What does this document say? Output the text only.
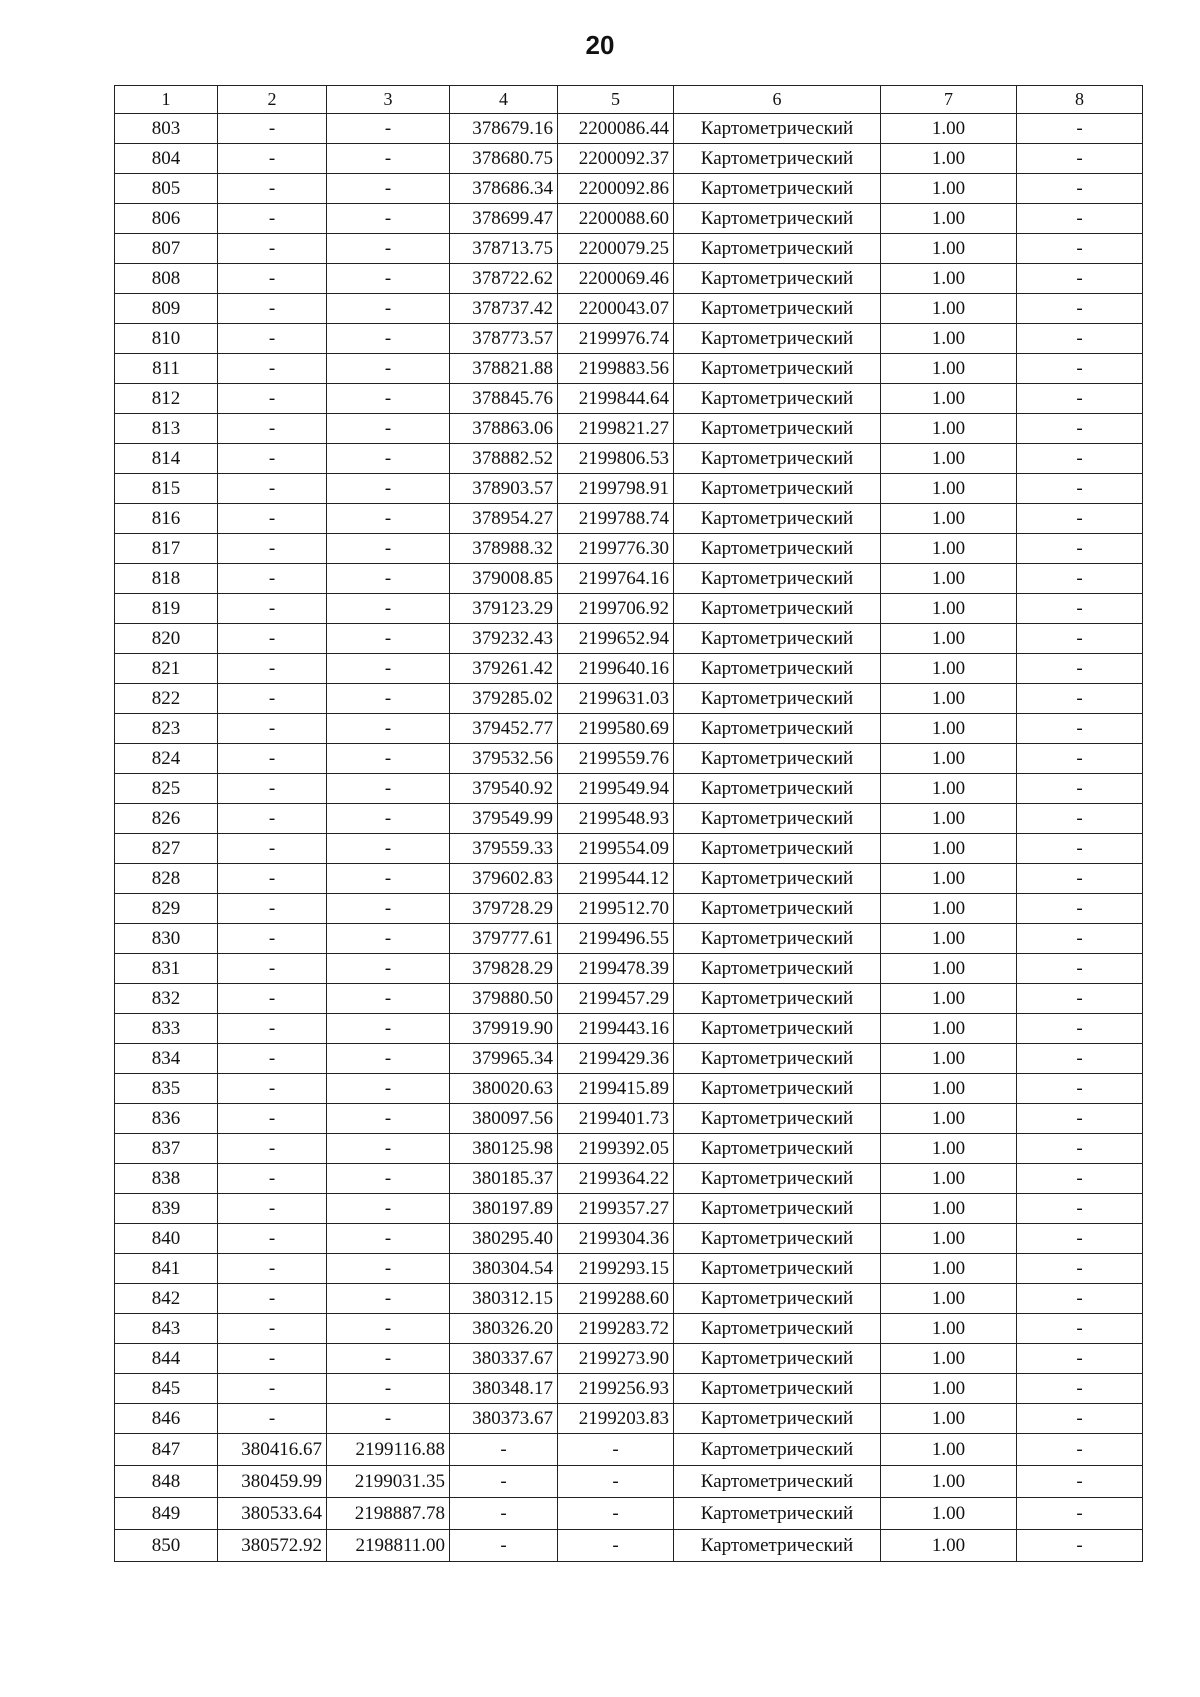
20
1	2	3	4	5	6	7	8
803	-	-	378679.16	2200086.44	Картометрический	1.00	-
804	-	-	378680.75	2200092.37	Картометрический	1.00	-
805	-	-	378686.34	2200092.86	Картометрический	1.00	-
806	-	-	378699.47	2200088.60	Картометрический	1.00	-
807	-	-	378713.75	2200079.25	Картометрический	1.00	-
808	-	-	378722.62	2200069.46	Картометрический	1.00	-
809	-	-	378737.42	2200043.07	Картометрический	1.00	-
810	-	-	378773.57	2199976.74	Картометрический	1.00	-
811	-	-	378821.88	2199883.56	Картометрический	1.00	-
812	-	-	378845.76	2199844.64	Картометрический	1.00	-
813	-	-	378863.06	2199821.27	Картометрический	1.00	-
814	-	-	378882.52	2199806.53	Картометрический	1.00	-
815	-	-	378903.57	2199798.91	Картометрический	1.00	-
816	-	-	378954.27	2199788.74	Картометрический	1.00	-
817	-	-	378988.32	2199776.30	Картометрический	1.00	-
818	-	-	379008.85	2199764.16	Картометрический	1.00	-
819	-	-	379123.29	2199706.92	Картометрический	1.00	-
820	-	-	379232.43	2199652.94	Картометрический	1.00	-
821	-	-	379261.42	2199640.16	Картометрический	1.00	-
822	-	-	379285.02	2199631.03	Картометрический	1.00	-
823	-	-	379452.77	2199580.69	Картометрический	1.00	-
824	-	-	379532.56	2199559.76	Картометрический	1.00	-
825	-	-	379540.92	2199549.94	Картометрический	1.00	-
826	-	-	379549.99	2199548.93	Картометрический	1.00	-
827	-	-	379559.33	2199554.09	Картометрический	1.00	-
828	-	-	379602.83	2199544.12	Картометрический	1.00	-
829	-	-	379728.29	2199512.70	Картометрический	1.00	-
830	-	-	379777.61	2199496.55	Картометрический	1.00	-
831	-	-	379828.29	2199478.39	Картометрический	1.00	-
832	-	-	379880.50	2199457.29	Картометрический	1.00	-
833	-	-	379919.90	2199443.16	Картометрический	1.00	-
834	-	-	379965.34	2199429.36	Картометрический	1.00	-
835	-	-	380020.63	2199415.89	Картометрический	1.00	-
836	-	-	380097.56	2199401.73	Картометрический	1.00	-
837	-	-	380125.98	2199392.05	Картометрический	1.00	-
838	-	-	380185.37	2199364.22	Картометрический	1.00	-
839	-	-	380197.89	2199357.27	Картометрический	1.00	-
840	-	-	380295.40	2199304.36	Картометрический	1.00	-
841	-	-	380304.54	2199293.15	Картометрический	1.00	-
842	-	-	380312.15	2199288.60	Картометрический	1.00	-
843	-	-	380326.20	2199283.72	Картометрический	1.00	-
844	-	-	380337.67	2199273.90	Картометрический	1.00	-
845	-	-	380348.17	2199256.93	Картометрический	1.00	-
846	-	-	380373.67	2199203.83	Картометрический	1.00	-
847	380416.67	2199116.88	-	-	Картометрический	1.00	-
848	380459.99	2199031.35	-	-	Картометрический	1.00	-
849	380533.64	2198887.78	-	-	Картометрический	1.00	-
850	380572.92	2198811.00	-	-	Картометрический	1.00	-
